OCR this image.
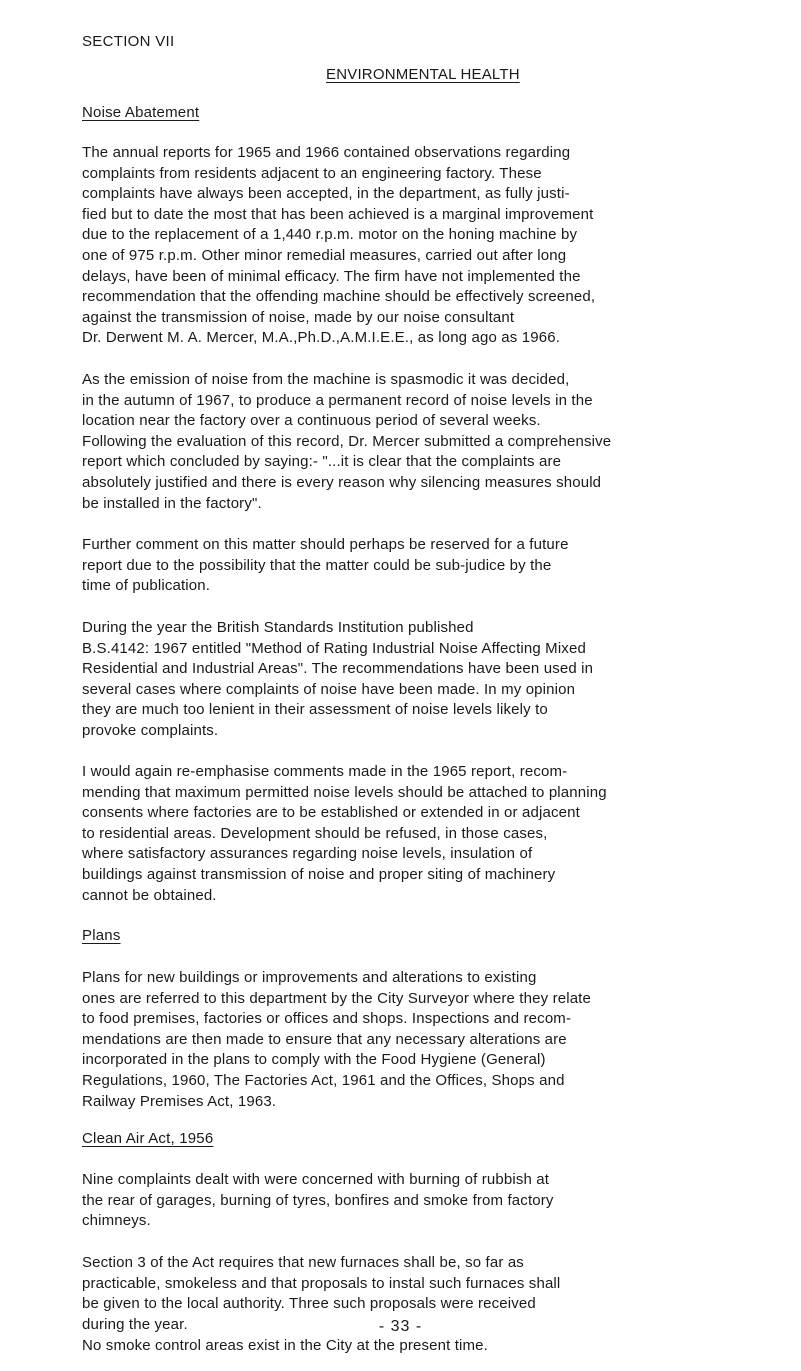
SECTION VII
ENVIRONMENTAL HEALTH
Noise Abatement

The annual reports for 1965 and 1966 contained observations regarding
complaints from residents adjacent to an engineering factory. These
complaints have always been accepted, in the department, as fully justi-
fied but to date the most that has been achieved is a marginal improvement
due to the replacement of a 1,440 r.p.m. motor on the honing machine by
one of 975 r.p.m. Other minor remedial measures, carried out after long
delays, have been of minimal efficacy. The firm have not implemented the
recommendation that the offending machine should be effectively screened,
against the transmission of noise, made by our noise consultant
Dr. Derwent M. A. Mercer, M.A.,Ph.D.,A.M.I.E.E., as long ago as 1966.

As the emission of noise from the machine is spasmodic it was decided,
in the autumn of 1967, to produce a permanent record of noise levels in the
location near the factory over a continuous period of several weeks.
Following the evaluation of this record, Dr. Mercer submitted a comprehensive
report which concluded by saying:- "...it is clear that the complaints are
absolutely justified and there is every reason why silencing measures should
be installed in the factory".

Further comment on this matter should perhaps be reserved for a future
report due to the possibility that the matter could be sub-judice by the
time of publication.

During the year the British Standards Institution published
B.S.4142: 1967 entitled "Method of Rating Industrial Noise Affecting Mixed
Residential and Industrial Areas". The recommendations have been used in
several cases where complaints of noise have been made. In my opinion
they are much too lenient in their assessment of noise levels likely to
provoke complaints.

I would again re-emphasise comments made in the 1965 report, recom-
mending that maximum permitted noise levels should be attached to planning
consents where factories are to be established or extended in or adjacent
to residential areas. Development should be refused, in those cases,
where satisfactory assurances regarding noise levels, insulation of
buildings against transmission of noise and proper siting of machinery
cannot be obtained.

Plans

Plans for new buildings or improvements and alterations to existing
ones are referred to this department by the City Surveyor where they relate
to food premises, factories or offices and shops. Inspections and recom-
mendations are then made to ensure that any necessary alterations are
incorporated in the plans to comply with the Food Hygiene (General)
Regulations, 1960, The Factories Act, 1961 and the Offices, Shops and
Railway Premises Act, 1963.

Clean Air Act, 1956

Nine complaints dealt with were concerned with burning of rubbish at
the rear of garages, burning of tyres, bonfires and smoke from factory
chimneys.

Section 3 of the Act requires that new furnaces shall be, so far as
practicable, smokeless and that proposals to instal such furnaces shall
be given to the local authority. Three such proposals were received
during the year.

No smoke control areas exist in the City at the present time.

- 33 -
